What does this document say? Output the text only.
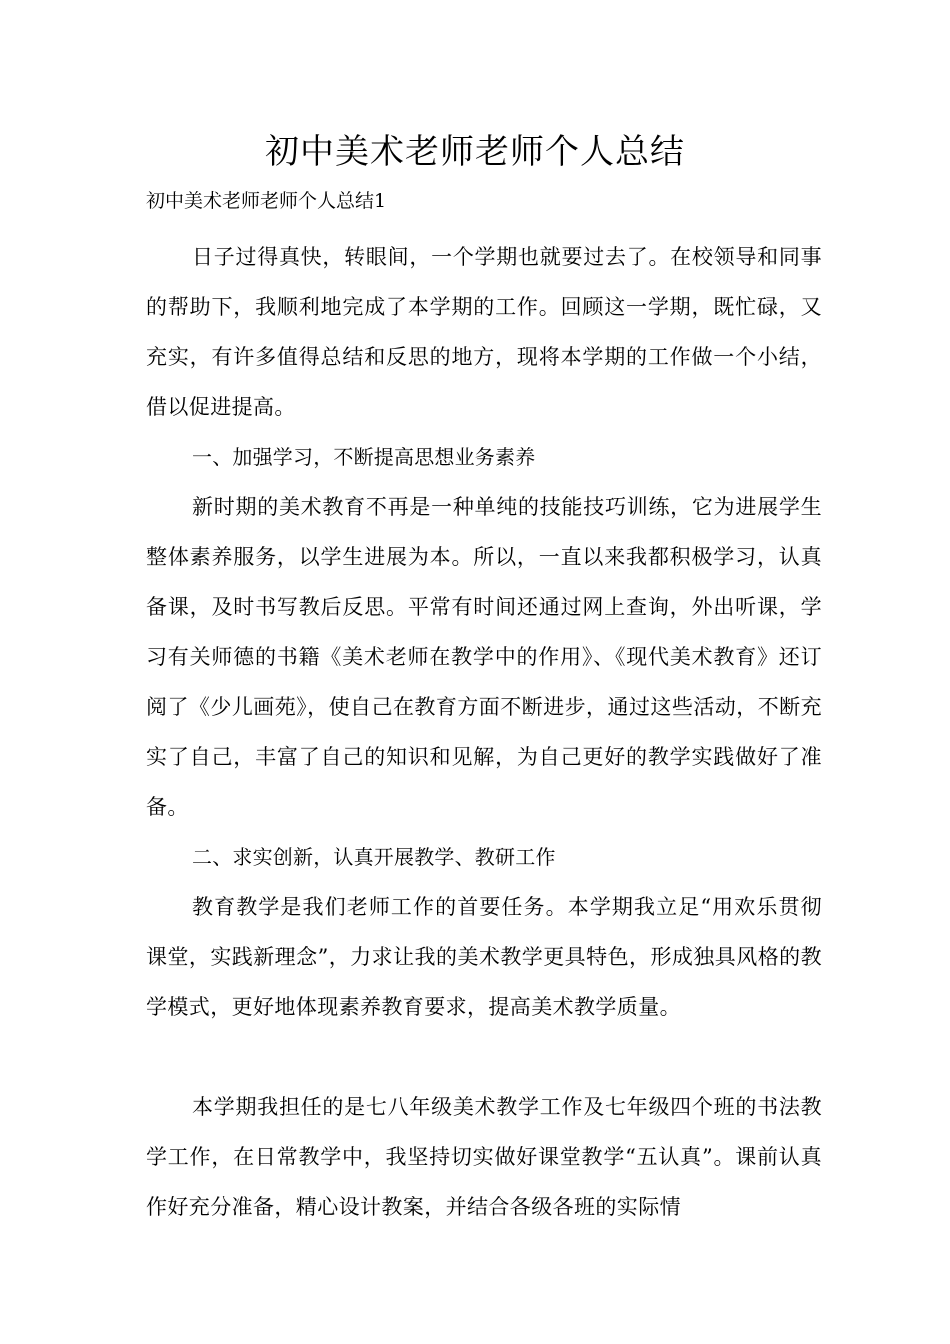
初中美术老师老师个人总结

初中美术老师老师个人总结1

日子过得真快，转眼间，一个学期也就要过去了。在校领导和同事的帮助下，我顺利地完成了本学期的工作。回顾这一学期，既忙碌，又充实，有许多值得总结和反思的地方，现将本学期的工作做一个小结，借以促进提高。

一、加强学习，不断提高思想业务素养

新时期的美术教育不再是一种单纯的技能技巧训练，它为进展学生整体素养服务，以学生进展为本。所以，一直以来我都积极学习，认真备课，及时书写教后反思。平常有时间还通过网上查询，外出听课，学习有关师德的书籍《美术老师在教学中的作用》、《现代美术教育》还订阅了《少儿画苑》，使自己在教育方面不断进步，通过这些活动，不断充实了自己，丰富了自己的知识和见解，为自己更好的教学实践做好了准备。

二、求实创新，认真开展教学、教研工作

教育教学是我们老师工作的首要任务。本学期我立足“用欢乐贯彻课堂，实践新理念”，力求让我的美术教学更具特色，形成独具风格的教学模式，更好地体现素养教育要求，提高美术教学质量。

本学期我担任的是七八年级美术教学工作及七年级四个班的书法教学工作，在日常教学中，我坚持切实做好课堂教学“五认真”。课前认真作好充分准备，精心设计教案，并结合各级各班的实际情
